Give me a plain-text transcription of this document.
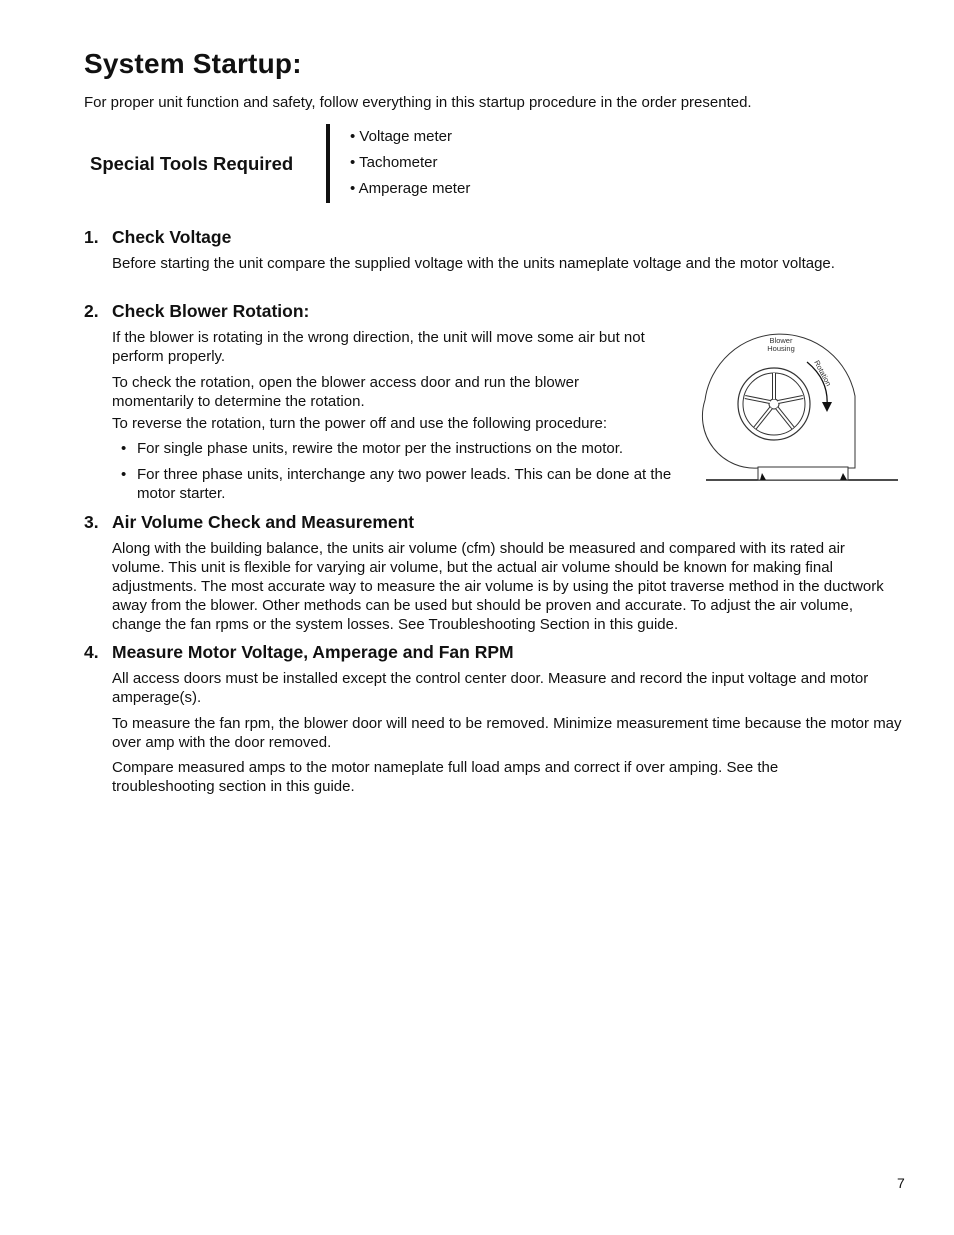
System Startup:
For proper unit function and safety, follow everything in this startup procedure in the order presented.
Special Tools Required
• Voltage meter
• Tachometer
• Amperage meter
1. Check Voltage

Before starting the unit compare the supplied voltage with the units nameplate voltage and the motor voltage.

2. Check Blower Rotation:

If the blower is rotating in the wrong direction, the unit will move some air but not perform properly.

To check the rotation, open the blower access door and run the blower momentarily to determine the rotation.

To reverse the rotation, turn the power off and use the following procedure:

• For single phase units, rewire the motor per the instructions on the motor.
• For three phase units, interchange any two power leads. This can be done at the motor starter.
Blower
Housing
Rotation
3. Air Volume Check and Measurement

Along with the building balance, the units air volume (cfm) should be measured and compared with its rated air volume. This unit is flexible for varying air volume, but the actual air volume should be known for making final adjustments. The most accurate way to measure the air volume is by using the pitot traverse method in the ductwork away from the blower. Other methods can be used but should be proven and accurate. To adjust the air volume, change the fan rpms or the system losses. See Troubleshooting Section in this guide.

4. Measure Motor Voltage, Amperage and Fan RPM

All access doors must be installed except the control center door. Measure and record the input voltage and motor amperage(s).

To measure the fan rpm, the blower door will need to be removed. Minimize measurement time because the motor may over amp with the door removed.

Compare measured amps to the motor nameplate full load amps and correct if over amping. See the troubleshooting section in this guide.

7
